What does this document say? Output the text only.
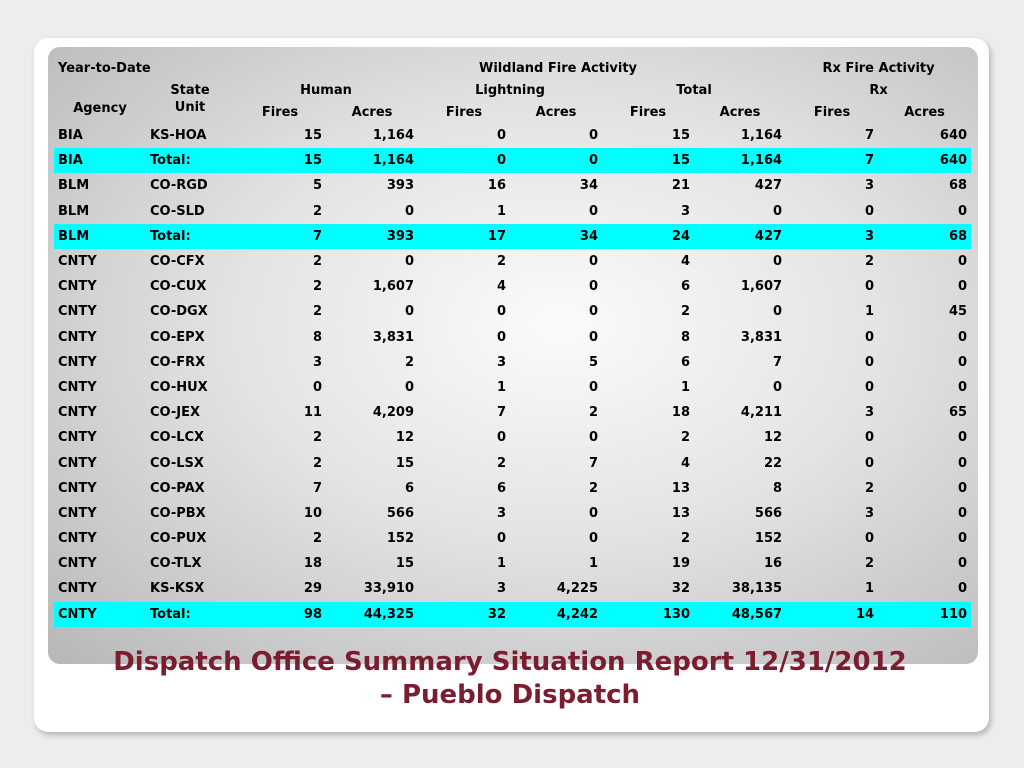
Year-to-Date				Wildland Fire Activity				Rx Fire Activity	
	State	Human		Lightning		Total		Rx	
Agency	Unit	Fires	Acres	Fires	Acres	Fires	Acres	Fires	Acres
BIA	KS-HOA	15	1,164	0	0	15	1,164	7	640
BIA	Total:	15	1,164	0	0	15	1,164	7	640
BLM	CO-RGD	5	393	16	34	21	427	3	68
BLM	CO-SLD	2	0	1	0	3	0	0	0
BLM	Total:	7	393	17	34	24	427	3	68
CNTY	CO-CFX	2	0	2	0	4	0	2	0
CNTY	CO-CUX	2	1,607	4	0	6	1,607	0	0
CNTY	CO-DGX	2	0	0	0	2	0	1	45
CNTY	CO-EPX	8	3,831	0	0	8	3,831	0	0
CNTY	CO-FRX	3	2	3	5	6	7	0	0
CNTY	CO-HUX	0	0	1	0	1	0	0	0
CNTY	CO-JEX	11	4,209	7	2	18	4,211	3	65
CNTY	CO-LCX	2	12	0	0	2	12	0	0
CNTY	CO-LSX	2	15	2	7	4	22	0	0
CNTY	CO-PAX	7	6	6	2	13	8	2	0
CNTY	CO-PBX	10	566	3	0	13	566	3	0
CNTY	CO-PUX	2	152	0	0	2	152	0	0
CNTY	CO-TLX	18	15	1	1	19	16	2	0
CNTY	KS-KSX	29	33,910	3	4,225	32	38,135	1	0
CNTY	Total:	98	44,325	32	4,242	130	48,567	14	110
Dispatch Office Summary Situation Report 12/31/2012
– Pueblo Dispatch
